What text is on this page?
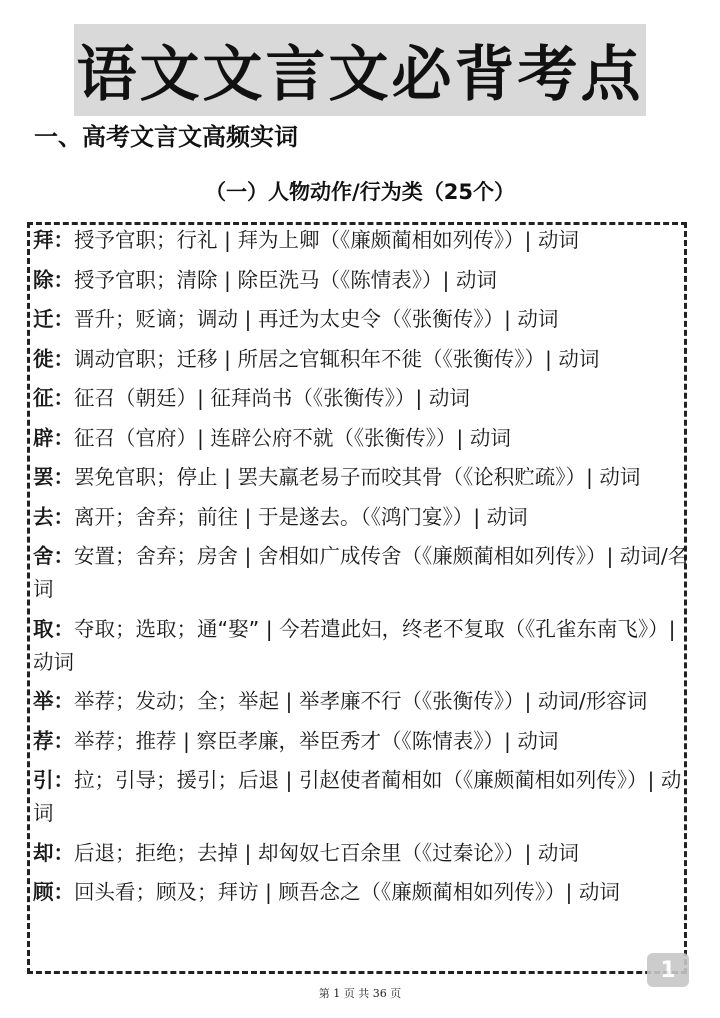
语文文言文必背考点
一、高考文言文高频实词
（一）人物动作/行为类（25个）
拜：授予官职；行礼 | 拜为上卿（《廉颇蔺相如列传》）| 动词
除：授予官职；清除 | 除臣洗马（《陈情表》）| 动词
迁：晋升；贬谪；调动 | 再迁为太史令（《张衡传》）| 动词
徙：调动官职；迁移 | 所居之官辄积年不徙（《张衡传》）| 动词
征：征召（朝廷）| 征拜尚书（《张衡传》）| 动词
辟：征召（官府）| 连辟公府不就（《张衡传》）| 动词
罢：罢免官职；停止 | 罢夫羸老易子而咬其骨（《论积贮疏》）| 动词
去：离开；舍弃；前往 | 于是遂去。（《鸿门宴》）| 动词
舍：安置；舍弃；房舍 | 舍相如广成传舍（《廉颇蔺相如列传》）| 动词/名词
取：夺取；选取；通“娶” | 今若遣此妇，终老不复取（《孔雀东南飞》）| 动词
举：举荐；发动；全；举起 | 举孝廉不行（《张衡传》）| 动词/形容词
荐：举荐；推荐 | 察臣孝廉，举臣秀才（《陈情表》）| 动词
引：拉；引导；援引；后退 | 引赵使者蔺相如（《廉颇蔺相如列传》）| 动词
却：后退；拒绝；去掉 | 却匈奴七百余里（《过秦论》）| 动词
顾：回头看；顾及；拜访 | 顾吾念之（《廉颇蔺相如列传》）| 动词
第 1 页 共 36 页
1
